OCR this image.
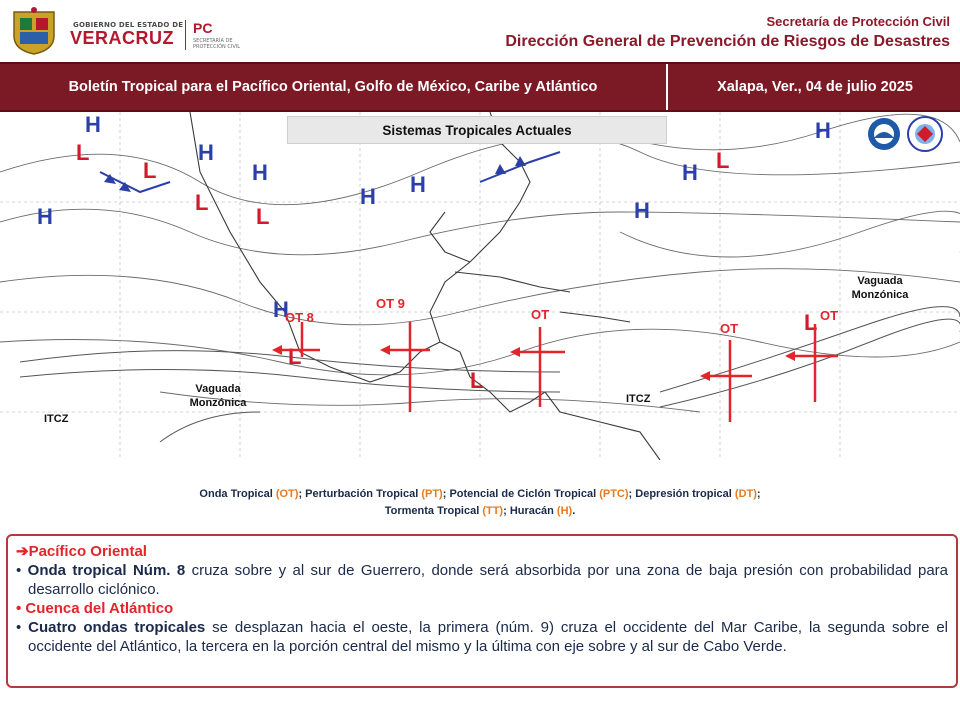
GOBIERNO DEL ESTADO DE
VERACRUZ PC
SECRETARÍA DE PROTECCIÓN CIVIL
Secretaría de Protección Civil
Dirección General de Prevención de Riesgos de Desastres
Boletín Tropical para el Pacífico Oriental, Golfo de México, Caribe y Atlántico	Xalapa, Ver., 04 de julio 2025
H
H
H
H
H H	H
H
H
H
L
L
L
L
L
L
L
L
Sistemas Tropicales Actuales
Vaguada
Monzónica
Vaguada
Monzónica
ITCZ
ITCZ
OT 8
OT 9
OT
OT
OT
Onda Tropical (OT); Perturbación Tropical (PT); Potencial de Ciclón Tropical (PTC); Depresión tropical (DT);
Tormenta Tropical (TT); Huracán (H).
➔Pacífico Oriental
• Onda tropical Núm. 8 cruza sobre y al sur de Guerrero, donde será absorbida por una zona de baja presión con probabilidad para desarrollo ciclónico.
• Cuenca del Atlántico
• Cuatro ondas tropicales se desplazan hacia el oeste, la primera (núm. 9) cruza el occidente del Mar Caribe, la segunda sobre el occidente del Atlántico, la tercera en la porción central del mismo y la última con eje sobre y al sur de Cabo Verde.
